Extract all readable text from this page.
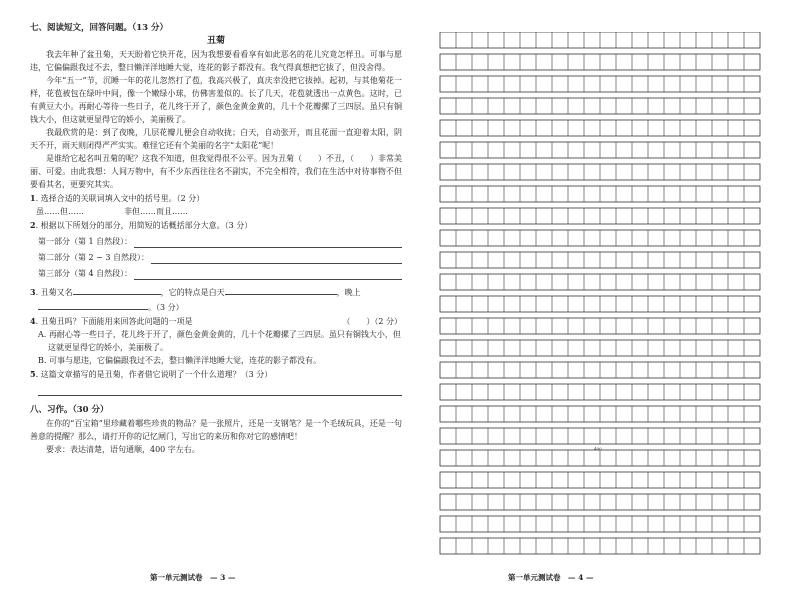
七、阅读短文，回答问题。（13 分）

丑菊

我去年种了盆丑菊，天天盼着它快开花，因为我想要看看享有如此恶名的花儿究竟怎样丑。可事与愿违，它偏偏跟我过不去，整日懒洋洋地睡大觉，连花的影子都没有。我气得真想把它拔了，但没舍得。

今年“五一”节，沉睡一年的花儿忽然打了苞，我高兴极了，真庆幸没把它拔掉。起初，与其他菊花一样，花苞被包在绿叶中间，像一个嫩绿小球，仿佛害羞似的。长了几天，花苞就透出一点黄色。这时，已有黄豆大小。再耐心等待一些日子，花儿终于开了，颜色金黄金黄的，几十个花瓣摞了三四层。虽只有铜钱大小，但这就更显得它的娇小，美丽极了。

我最欣赏的是：到了夜晚，几层花瓣儿便会自动收拢；白天，自动张开，而且花面一直迎着太阳，阴天不开，雨天则闭得严严实实。难怪它还有个美丽的名字“太阳花”呢！

是谁给它起名叫丑菊的呢？这我不知道，但我觉得很不公平。因为丑菊（　　）不丑，（　　）非常美丽、可爱。由此我想：人间万物中，有不少东西往往名不副实，不完全相符，我们在生活中对待事物不但要看其名，更要究其实。

1. 选择合适的关联词填入文中的括号里。（2 分）
虽……但……	非但……而且……
2. 根据以下所划分的部分，用简短的话概括部分大意。（3 分）
第一部分（第 1 自然段）：
第二部分（第 2 ~ 3 自然段）：
第三部分（第 4 自然段）：
3. 丑菊又名	，它的特点是白天	，晚上
。（3 分）
4. 丑菊丑吗？下面能用来回答此问题的一项是	（　　）（2 分）
A. 再耐心等一些日子，花儿终于开了，颜色金黄金黄的，几十个花瓣摞了三四层。虽只有铜钱大小，但这就更显得它的娇小，美丽极了。
B. 可事与愿违，它偏偏跟我过不去，整日懒洋洋地睡大觉，连花的影子都没有。
5. 这篇文章描写的是丑菊，作者借它说明了一个什么道理？（3 分）

八、习作。（30 分）

在你的“百宝箱”里珍藏着哪些珍贵的物品？是一张照片，还是一支钢笔？是一个毛绒玩具，还是一句善意的提醒？那么，请打开你的记忆闸门，写出它的来历和你对它的感情吧！

要求：表达清楚，语句通顺，400 字左右。

第一单元测试卷　— 3 —	第一单元测试卷　— 4 —
400
